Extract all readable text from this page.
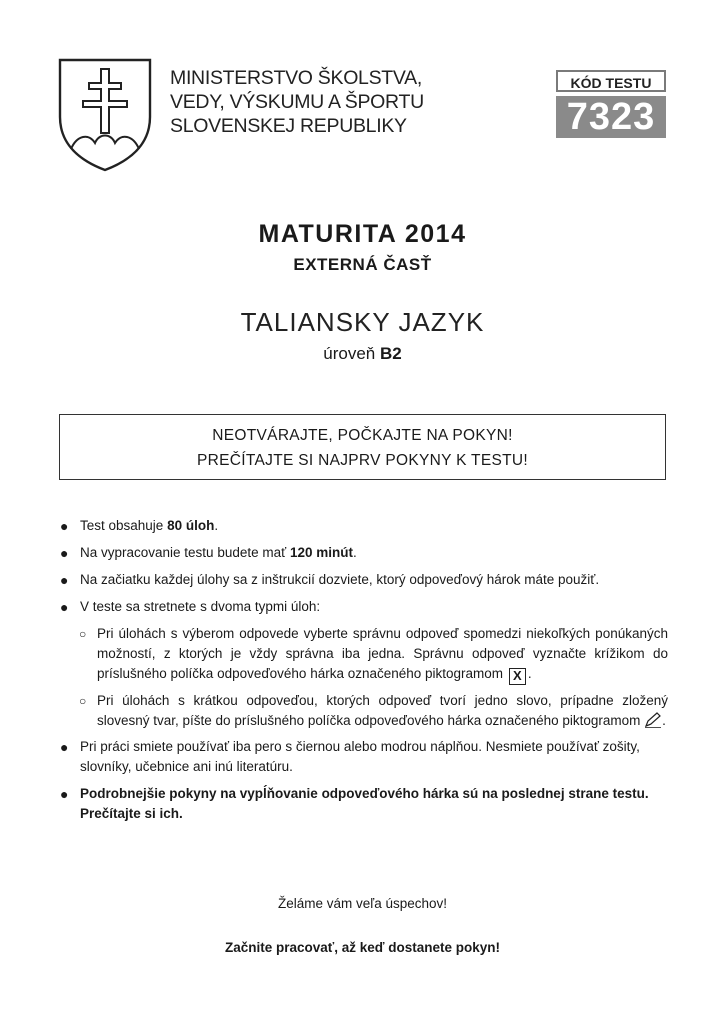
MINISTERSTVO ŠKOLSTVA,
VEDY, VÝSKUMU A ŠPORTU
SLOVENSKEJ REPUBLIKY
KÓD TESTU
7323
MATURITA 2014
EXTERNÁ ČASŤ
TALIANSKY JAZYK
úroveň B2
NEOTVÁRAJTE, POČKAJTE NA POKYN!
PREČÍTAJTE SI NAJPRV POKYNY K TESTU!
● Test obsahuje 80 úloh.
● Na vypracovanie testu budete mať 120 minút.
● Na začiatku každej úlohy sa z inštrukcií dozviete, ktorý odpoveďový hárok máte použiť.
● V teste sa stretnete s dvoma typmi úloh:
○ Pri úlohách s výberom odpovede vyberte správnu odpoveď spomedzi niekoľkých ponúkaných možností, z ktorých je vždy správna iba jedna. Správnu odpoveď vyznačte krížikom do príslušného políčka odpoveďového hárka označeného piktogramom X .
○ Pri úlohách s krátkou odpoveďou, ktorých odpoveď tvorí jedno slovo, prípadne zložený slovesný tvar, píšte do príslušného políčka odpoveďového hárka označeného piktogramom .
● Pri práci smiete používať iba pero s čiernou alebo modrou náplňou. Nesmiete používať zošity, slovníky, učebnice ani inú literatúru.
● Podrobnejšie pokyny na vypĺňovanie odpoveďového hárka sú na poslednej strane testu. Prečítajte si ich.
Želáme vám veľa úspechov!
Začnite pracovať, až keď dostanete pokyn!
